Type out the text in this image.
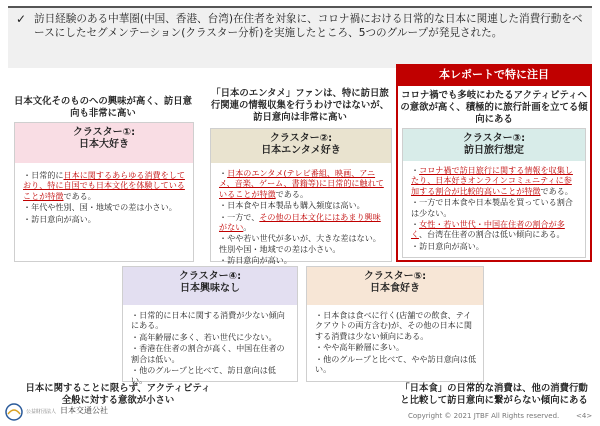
✓ 訪日経験のある中華圏(中国、香港、台湾)在住者を対象に、コロナ禍における日常的な日本に関連した消費行動をベースにしたセグメンテーション(クラスター分析)を実施したところ、5つのグループが発見された。
本レポートで特に注目
日本文化そのものへの興味が高く、訪日意向も非常に高い
クラスター①:
日本大好き

・日常的に日本に関するあらゆる消費をしており、特に自国でも日本文化を体験していることが特徴である。

・年代や性別、国・地域での差は小さい。

・訪日意向が高い。

「日本のエンタメ」ファンは、特に訪日旅行関連の情報収集を行うわけではないが、訪日意向は非常に高い
クラスター②:
日本エンタメ好き

・日本のエンタメ(テレビ番組、映画、アニメ、音楽、ゲーム、書籍等)に日常的に触れていることが特徴である。

・日本食や日本製品も購入頻度は高い。

・一方で、その他の日本文化にはあまり興味がない。

・やや若い世代が多いが、大きな差はない。性別や国・地域での差は小さい。

・訪日意向が高い。

コロナ禍でも多岐にわたるアクティビティへの意欲が高く、積極的に旅行計画を立てる傾向にある
クラスター③:
訪日旅行想定

・コロナ禍で訪日旅行に関する情報を収集したり、日本好きオンラインコミュニティに参加する割合が比較的高いことが特徴である。

・一方で日本食や日本製品を買っている割合は少ない。

・女性・若い世代・中国在住者の割合が多く、台湾在住者の割合は低い傾向にある。

・訪日意向が高い。

クラスター④:
日本興味なし

・日常的に日本に関する消費が少ない傾向にある。

・高年齢層に多く、若い世代に少ない。

・香港在住者の割合が高く、中国在住者の割合は低い。

・他のグループと比べて、訪日意向は低い。

日本に関することに限らず、アクティビティ全般に対する意欲が小さい
クラスター⑤:
日本食好き

・日本食は食べに行く(店舗での飲食、テイクアウトの両方含む)が、その他の日本に関する消費は少ない傾向にある。

・やや高年齢層に多い。

・他のグループと比べて、やや訪日意向は低い。

「日本食」の日常的な消費は、他の消費行動と比較して訪日意向に繋がらない傾向にある
公益財団法人 日本交通公社
Copyright © 2021 JTBF All Rights reserved.	<4>
